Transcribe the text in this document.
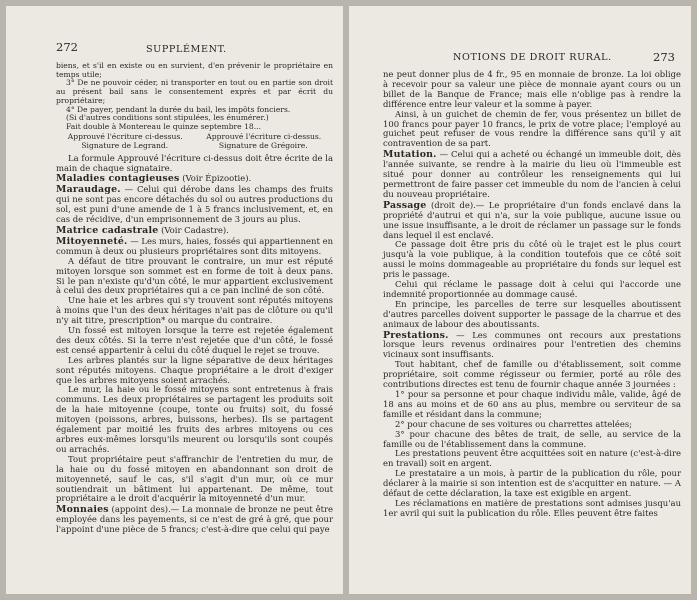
272	SUPPLÉMENT.

biens, et s'il en existe ou en survient, d'en prévenir le propriétaire en temps utile;

3° De ne pouvoir céder, ni transporter en tout ou en partie son droit au présent bail sans le consentement exprès et par écrit du propriétaire;

4° De payer, pendant la durée du bail, les impôts fonciers.

(Si d'autres conditions sont stipulées, les énumérer.)

Fait double à Montereau le quinze septembre 18...

Approuvé l'écriture ci-dessus.	Approuvé l'écriture ci-dessus.
Signature de Legrand.	Signature de Grégoire.

La formule Approuvé l'écriture ci-dessus doit être écrite de la main de chaque signataire.

Maladies contagieuses (Voir Épizootie).

Maraudage. — Celui qui dérobe dans les champs des fruits qui ne sont pas encore détachés du sol ou autres productions du sol, est puni d'une amende de 1 à 5 francs inclusivement, et, en cas de récidive, d'un emprisonnement de 3 jours au plus.

Matrice cadastrale (Voir Cadastre).

Mitoyenneté. — Les murs, haies, fossés qui appartiennent en commun à deux ou plusieurs propriétaires sont dits mitoyens.

A défaut de titre prouvant le contraire, un mur est réputé mitoyen lorsque son sommet est en forme de toit à deux pans. Si le pan n'existe qu'd'un côté, le mur appartient exclusivement à celui des deux propriétaires qui a ce pan incliné de son côté.

Une haie et les arbres qui s'y trouvent sont réputés mitoyens à moins que l'un des deux héritages n'ait pas de clôture ou qu'il n'y ait titre, prescription* ou marque du contraire.

Un fossé est mitoyen lorsque la terre est rejetée également des deux côtés. Si la terre n'est rejetée que d'un côté, le fossé est censé appartenir à celui du côté duquel le rejet se trouve.

Les arbres plantés sur la ligne séparative de deux héritages sont réputés mitoyens. Chaque propriétaire a le droit d'exiger que les arbres mitoyens soient arrachés.

Le mur, la haie ou le fossé mitoyens sont entretenus à frais communs. Les deux propriétaires se partagent les produits soit de la haie mitoyenne (coupe, tonte ou fruits) soit, du fossé mitoyen (poissons, arbres, buissons, herbes). Ils se partagent également par moitié les fruits des arbres mitoyens ou ces arbres eux-mêmes lorsqu'ils meurent ou lorsqu'ils sont coupés ou arrachés.

Tout propriétaire peut s'affranchir de l'entretien du mur, de la haie ou du fossé mitoyen en abandonnant son droit de mitoyenneté, sauf le cas, s'il s'agit d'un mur, où ce mur soutiendrait un bâtiment lui appartenant. De même, tout propriétaire a le droit d'acquérir la mitoyenneté d'un mur.

Monnaies (appoint des).— La monnaie de bronze ne peut être employée dans les payements, si ce n'est de gré à gré, que pour l'appoint d'une pièce de 5 francs; c'est-à-dire que celui qui paye

NOTIONS DE DROIT RURAL.	273

ne peut donner plus de 4 fr., 95 en monnaie de bronze. La loi oblige à recevoir pour sa valeur une pièce de monnaie ayant cours ou un billet de la Banque de France; mais elle n'oblige pas à rendre la différence entre leur valeur et la somme à payer.

Ainsi, à un guichet de chemin de fer, vous présentez un billet de 100 francs pour payer 10 francs, le prix de votre place; l'employé au guichet peut refuser de vous rendre la différence sans qu'il y ait contravention de sa part.

Mutation. — Celui qui a acheté ou échangé un immeuble doit, dès l'année suivante, se rendre à la mairie du lieu où l'immeuble est situé pour donner au contrôleur les renseignements qui lui permettront de faire passer cet immeuble du nom de l'ancien à celui du nouveau propriétaire.

Passage (droit de).— Le propriétaire d'un fonds enclavé dans la propriété d'autrui et qui n'a, sur la voie publique, aucune issue ou une issue insuffisante, a le droit de réclamer un passage sur le fonds dans lequel il est enclavé.

Ce passage doit être pris du côté où le trajet est le plus court jusqu'à la voie publique, à la condition toutefois que ce côté soit aussi le moins dommageable au propriétaire du fonds sur lequel est pris le passage.

Celui qui réclame le passage doit à celui qui l'accorde une indemnité proportionnée au dommage causé.

En principe, les parcelles de terre sur lesquelles aboutissent d'autres parcelles doivent supporter le passage de la charrue et des animaux de labour des aboutissants.

Prestations. — Les communes ont recours aux prestations lorsque leurs revenus ordinaires pour l'entretien des chemins vicinaux sont insuffisants.

Tout habitant, chef de famille ou d'établissement, soit comme propriétaire, soit comme régisseur ou fermier, porté au rôle des contributions directes est tenu de fournir chaque année 3 journées :

1° pour sa personne et pour chaque individu mâle, valide, âgé de 18 ans au moins et de 60 ans au plus, membre ou serviteur de sa famille et résidant dans la commune;

2° pour chacune de ses voitures ou charrettes attelées;

3° pour chacune des bêtes de trait, de selle, au service de la famille ou de l'établissement dans la commune.

Les prestations peuvent être acquittées soit en nature (c'est-à-dire en travail) soit en argent.

Le prestataire a un mois, à partir de la publication du rôle, pour déclarer à la mairie si son intention est de s'acquitter en nature. — A défaut de cette déclaration, la taxe est exigible en argent.

Les réclamations en matière de prestations sont admises jusqu'au 1er avril qui suit la publication du rôle. Elles peuvent être faites
